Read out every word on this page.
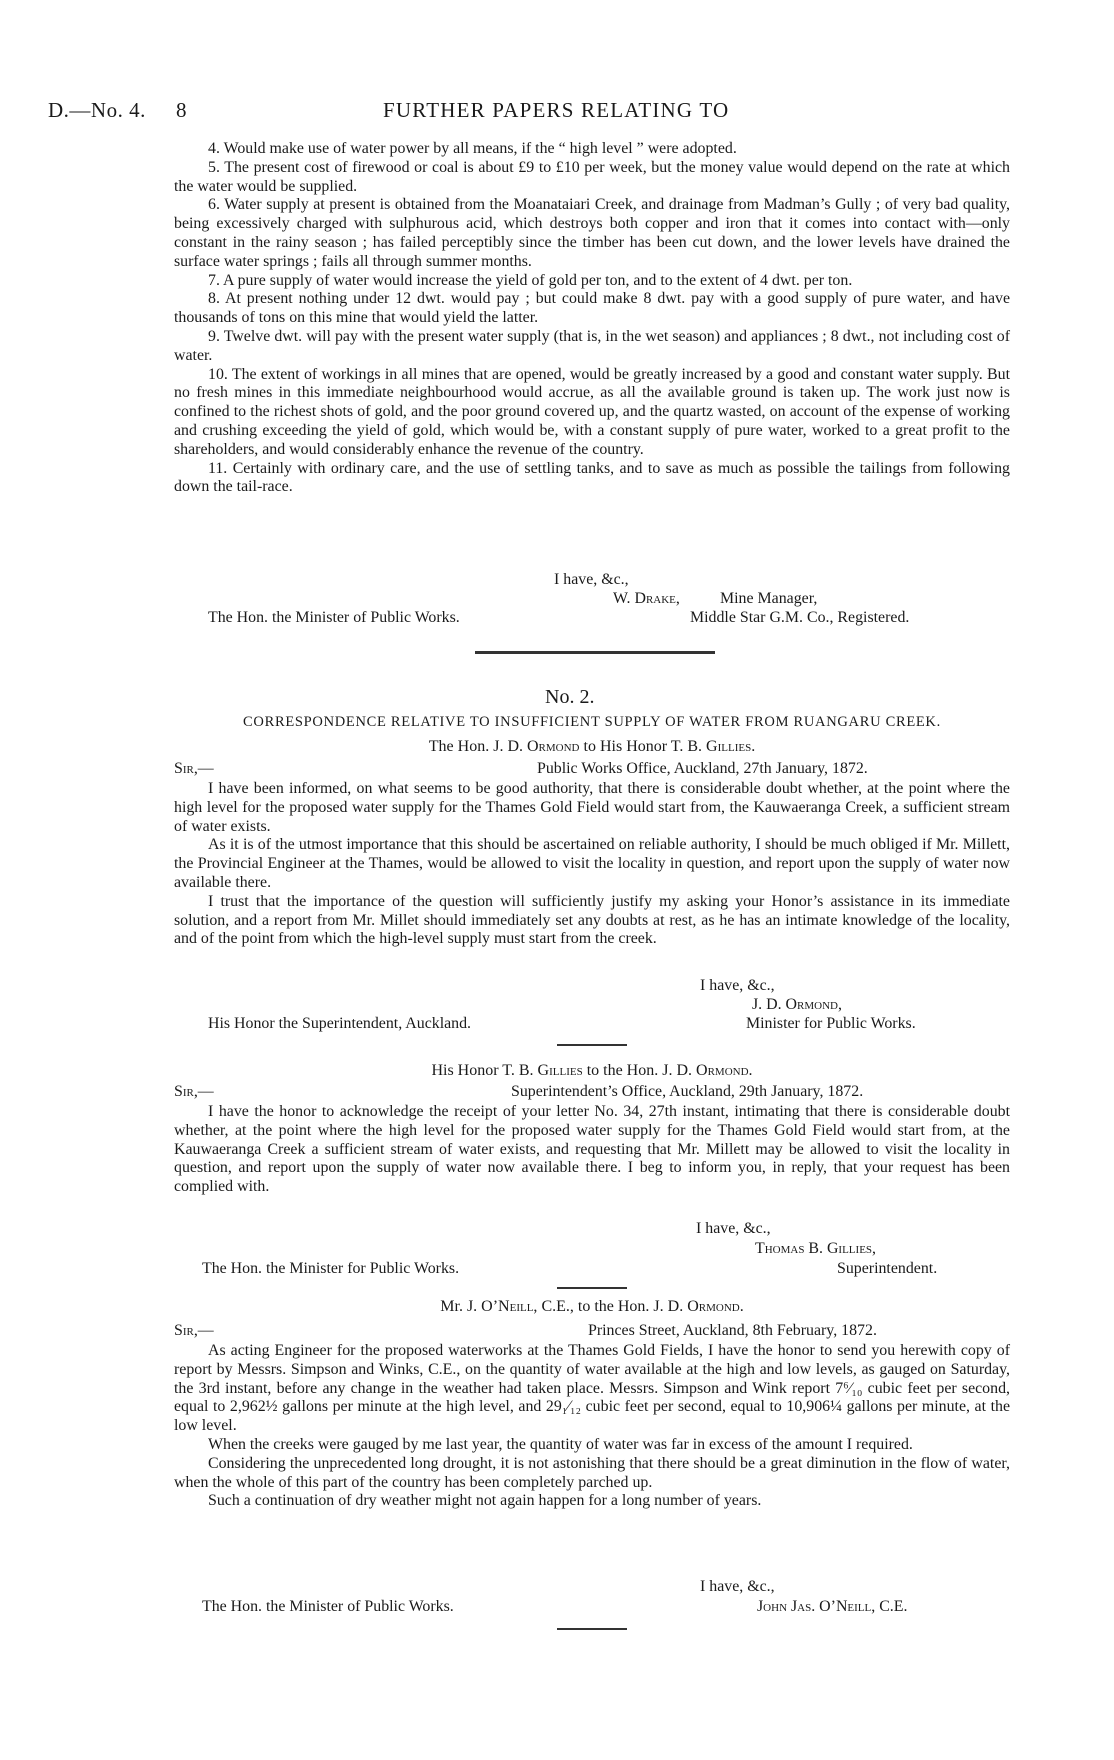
D.—No. 4. 8	FURTHER PAPERS RELATING TO

4. Would make use of water power by all means, if the “ high level ” were adopted.

5. The present cost of firewood or coal is about £9 to £10 per week, but the money value would depend on the rate at which the water would be supplied.

6. Water supply at present is obtained from the Moanataiari Creek, and drainage from Madman’s Gully ; of very bad quality, being excessively charged with sulphurous acid, which destroys both copper and iron that it comes into contact with—only constant in the rainy season ; has failed perceptibly since the timber has been cut down, and the lower levels have drained the surface water springs ; fails all through summer months.

7. A pure supply of water would increase the yield of gold per ton, and to the extent of 4 dwt. per ton.

8. At present nothing under 12 dwt. would pay ; but could make 8 dwt. pay with a good supply of pure water, and have thousands of tons on this mine that would yield the latter.

9. Twelve dwt. will pay with the present water supply (that is, in the wet season) and appliances ; 8 dwt., not including cost of water.

10. The extent of workings in all mines that are opened, would be greatly increased by a good and constant water supply. But no fresh mines in this immediate neighbourhood would accrue, as all the available ground is taken up. The work just now is confined to the richest shots of gold, and the poor ground covered up, and the quartz wasted, on account of the expense of working and crushing exceeding the yield of gold, which would be, with a constant supply of pure water, worked to a great profit to the shareholders, and would considerably enhance the revenue of the country.

11. Certainly with ordinary care, and the use of settling tanks, and to save as much as possible the tailings from following down the tail-race.

I have, &c.,
W. Drake,	Mine Manager,
The Hon. the Minister of Public Works.	Middle Star G.M. Co., Registered.
No. 2.
CORRESPONDENCE RELATIVE TO INSUFFICIENT SUPPLY OF WATER FROM RUANGARU CREEK.
The Hon. J. D. Ormond to His Honor T. B. Gillies.
Sir,—	Public Works Office, Auckland, 27th January, 1872.

I have been informed, on what seems to be good authority, that there is considerable doubt whether, at the point where the high level for the proposed water supply for the Thames Gold Field would start from, the Kauwaeranga Creek, a sufficient stream of water exists.

As it is of the utmost importance that this should be ascertained on reliable authority, I should be much obliged if Mr. Millett, the Provincial Engineer at the Thames, would be allowed to visit the locality in question, and report upon the supply of water now available there.

I trust that the importance of the question will sufficiently justify my asking your Honor’s assistance in its immediate solution, and a report from Mr. Millet should immediately set any doubts at rest, as he has an intimate knowledge of the locality, and of the point from which the high-level supply must start from the creek.

I have, &c.,
J. D. Ormond,
His Honor the Superintendent, Auckland.	Minister for Public Works.
His Honor T. B. Gillies to the Hon. J. D. Ormond.
Sir,—	Superintendent’s Office, Auckland, 29th January, 1872.

I have the honor to acknowledge the receipt of your letter No. 34, 27th instant, intimating that there is considerable doubt whether, at the point where the high level for the proposed water supply for the Thames Gold Field would start from, at the Kauwaeranga Creek a sufficient stream of water exists, and requesting that Mr. Millett may be allowed to visit the locality in question, and report upon the supply of water now available there. I beg to inform you, in reply, that your request has been complied with.

I have, &c.,
Thomas B. Gillies,
The Hon. the Minister for Public Works.	Superintendent.
Mr. J. O’Neill, C.E., to the Hon. J. D. Ormond.
Sir,—	Princes Street, Auckland, 8th February, 1872.

As acting Engineer for the proposed waterworks at the Thames Gold Fields, I have the honor to send you herewith copy of report by Messrs. Simpson and Winks, C.E., on the quantity of water available at the high and low levels, as gauged on Saturday, the 3rd instant, before any change in the weather had taken place. Messrs. Simpson and Wink report 7⁶⁄₁₀ cubic feet per second, equal to 2,962½ gallons per minute at the high level, and 29₁⁄₁₂ cubic feet per second, equal to 10,906¼ gallons per minute, at the low level.

When the creeks were gauged by me last year, the quantity of water was far in excess of the amount I required.

Considering the unprecedented long drought, it is not astonishing that there should be a great diminution in the flow of water, when the whole of this part of the country has been completely parched up.

Such a continuation of dry weather might not again happen for a long number of years.

I have, &c.,
The Hon. the Minister of Public Works.	John Jas. O’Neill, C.E.
